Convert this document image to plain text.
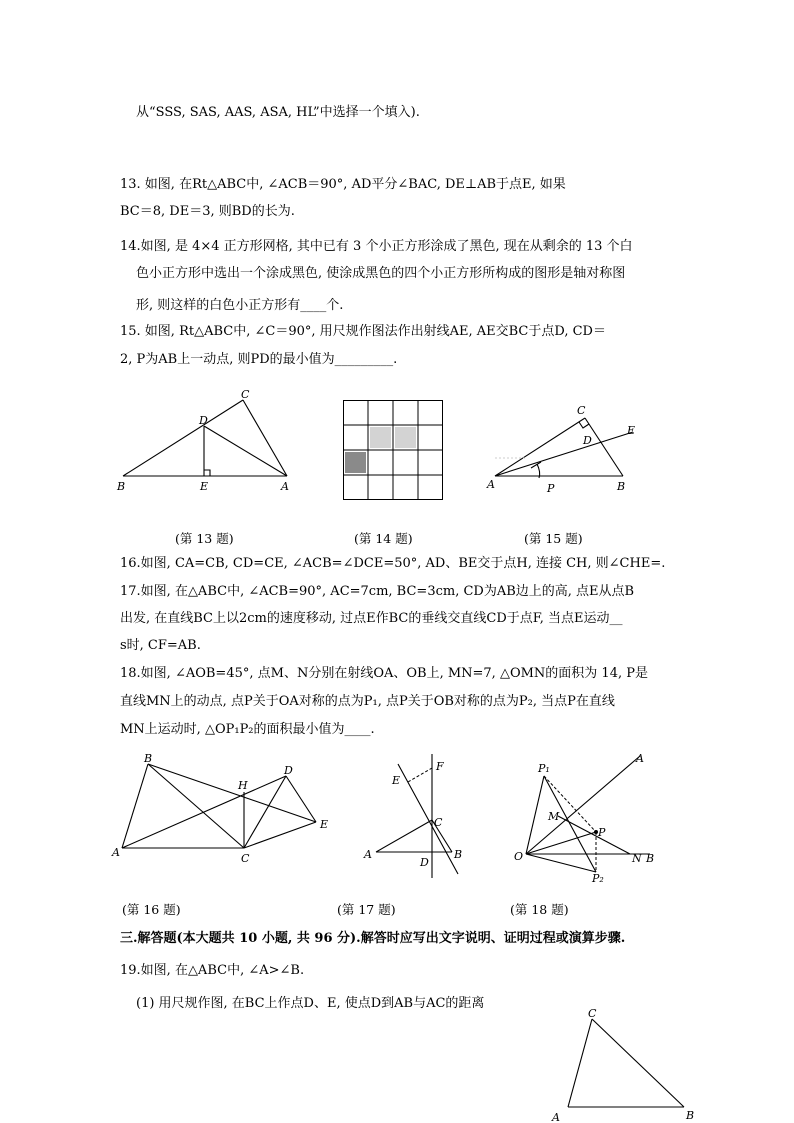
从“SSS, SAS, AAS, ASA, HL”中选择一个填入).
13. 如图, 在Rt△ABC中, ∠ACB＝90°, AD平分∠BAC, DE⊥AB于点E, 如果
BC＝8, DE＝3, 则BD的长为.
14.如图, 是 4×4 正方形网格, 其中已有 3 个小正方形涂成了黑色, 现在从剩余的 13 个白
色小正方形中选出一个涂成黑色, 使涂成黑色的四个小正方形所构成的图形是轴对称图
形, 则这样的白色小正方形有____个.
15. 如图, Rt△ABC中, ∠C＝90°, 用尺规作图法作出射线AE, AE交BC于点D, CD＝
2, P为AB上一动点, 则PD的最小值为_________.
B	E	A
D
C
A	P	B
C
D
E
(第 13 题)	(第 14 题)	(第 15 题)
16.如图, CA=CB, CD=CE, ∠ACB=∠DCE=50°, AD、BE交于点H, 连接 CH, 则∠CHE=.
17.如图, 在△ABC中, ∠ACB=90°, AC=7cm, BC=3cm, CD为AB边上的高, 点E从点B
出发, 在直线BC上以2cm的速度移动, 过点E作BC的垂线交直线CD于点F, 当点E运动__
s时, CF=AB.
18.如图, ∠AOB=45°, 点M、N分别在射线OA、OB上, MN=7, △OMN的面积为 14, P是
直线MN上的动点, 点P关于OA对称的点为P₁, 点P关于OB对称的点为P₂, 当点P在直线
MN上运动时, △OP₁P₂的面积最小值为____.
A
B
C
H
D
E
A	B
C
D
E
F
O
A
P₁
M
P
N B
P₂
(第 16 题)	(第 17 题)	(第 18 题)
三.解答题(本大题共 10 小题, 共 96 分).解答时应写出文字说明、证明过程或演算步骤.
19.如图, 在△ABC中, ∠A>∠B.
(1) 用尺规作图, 在BC上作点D、E, 使点D到AB与AC的距离
A	B
C
